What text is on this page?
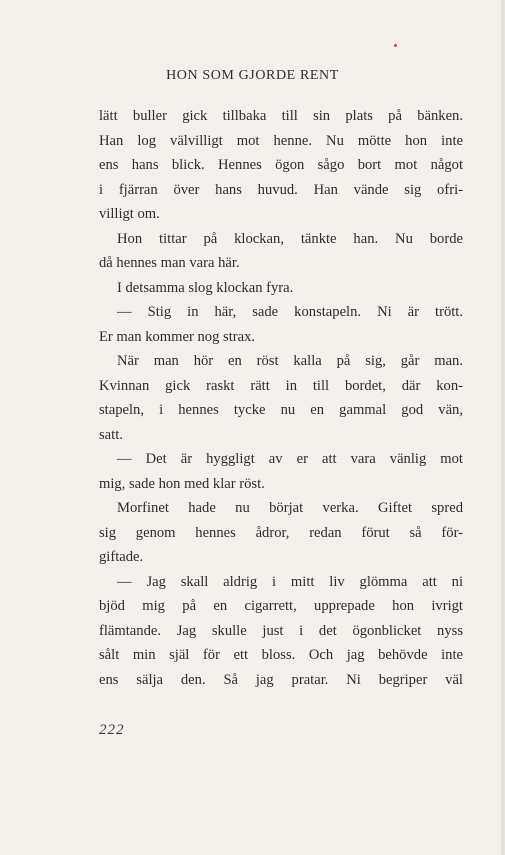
HON SOM GJORDE RENT
lätt buller gick tillbaka till sin plats på bänken.
Han log välvilligt mot henne. Nu mötte hon inte
ens hans blick. Hennes ögon sågo bort mot något
i fjärran över hans huvud. Han vände sig ofri-
villigt om.
Hon tittar på klockan, tänkte han. Nu borde
då hennes man vara här.
I detsamma slog klockan fyra.
— Stig in här, sade konstapeln. Ni är trött.
Er man kommer nog strax.
När man hör en röst kalla på sig, går man.
Kvinnan gick raskt rätt in till bordet, där kon-
stapeln, i hennes tycke nu en gammal god vän,
satt.
— Det är hyggligt av er att vara vänlig mot
mig, sade hon med klar röst.
Morfinet hade nu börjat verka. Giftet spred
sig genom hennes ådror, redan förut så för-
giftade.
— Jag skall aldrig i mitt liv glömma att ni
bjöd mig på en cigarrett, upprepade hon ivrigt
flämtande. Jag skulle just i det ögonblicket nyss
sålt min själ för ett bloss. Och jag behövde inte
ens sälja den. Så jag pratar. Ni begriper väl
222
